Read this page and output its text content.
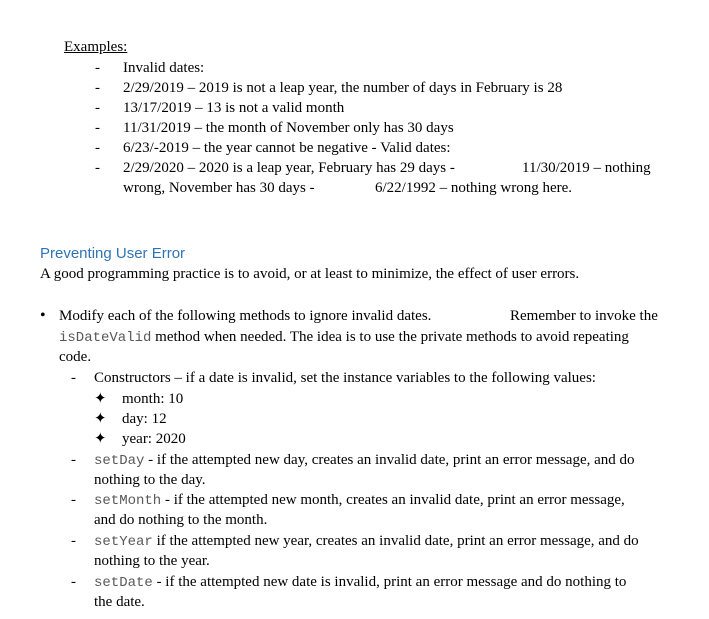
Examples:
- Invalid dates:
- 2/29/2019 – 2019 is not a leap year, the number of days in February is 28
- 13/17/2019 – 13 is not a valid month
- 11/31/2019 – the month of November only has 30 days
- 6/23/-2019 – the year cannot be negative - Valid dates:
- 2/29/2020 – 2020 is a leap year, February has 29 days -	11/30/2019 – nothing
wrong, November has 30 days -	6/22/1992 – nothing wrong here.
Preventing User Error
A good programming practice is to avoid, or at least to minimize, the effect of user errors.
• Modify each of the following methods to ignore invalid dates.	Remember to invoke the
isDateValid method when needed. The idea is to use the private methods to avoid repeating
code.
- Constructors – if a date is invalid, set the instance variables to the following values:
✦ month: 10
✦ day: 12
✦ year: 2020
- setDay - if the attempted new day, creates an invalid date, print an error message, and do
nothing to the day.
- setMonth - if the attempted new month, creates an invalid date, print an error message,
and do nothing to the month.
- setYear if the attempted new year, creates an invalid date, print an error message, and do
nothing to the year.
- setDate - if the attempted new date is invalid, print an error message and do nothing to
the date.
